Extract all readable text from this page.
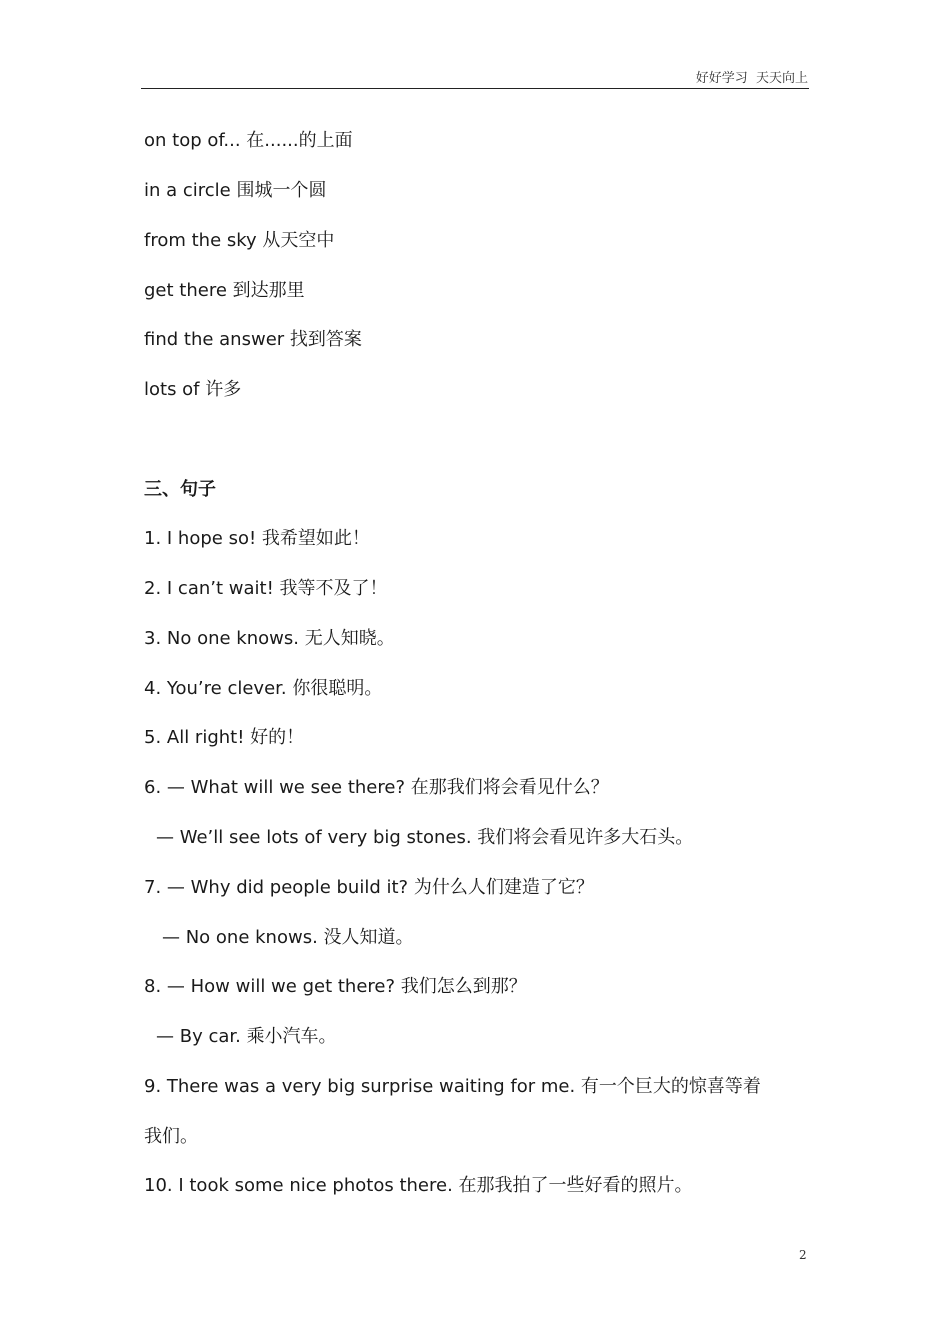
好好学习  天天向上
on top of... 在......的上面
in a circle 围城一个圆
from the sky 从天空中
get there 到达那里
find the answer 找到答案
lots of 许多
三、句子
1. I hope so! 我希望如此！
2. I can’t wait! 我等不及了！
3. No one knows. 无人知晓。
4. You’re clever. 你很聪明。
5. All right! 好的！
6. — What will we see there? 在那我们将会看见什么？
— We’ll see lots of very big stones. 我们将会看见许多大石头。
7. — Why did people build it? 为什么人们建造了它？
— No one knows. 没人知道。
8. — How will we get there? 我们怎么到那？
— By car. 乘小汽车。
9. There was a very big surprise waiting for me. 有一个巨大的惊喜等着
我们。
10. I took some nice photos there. 在那我拍了一些好看的照片。
2
